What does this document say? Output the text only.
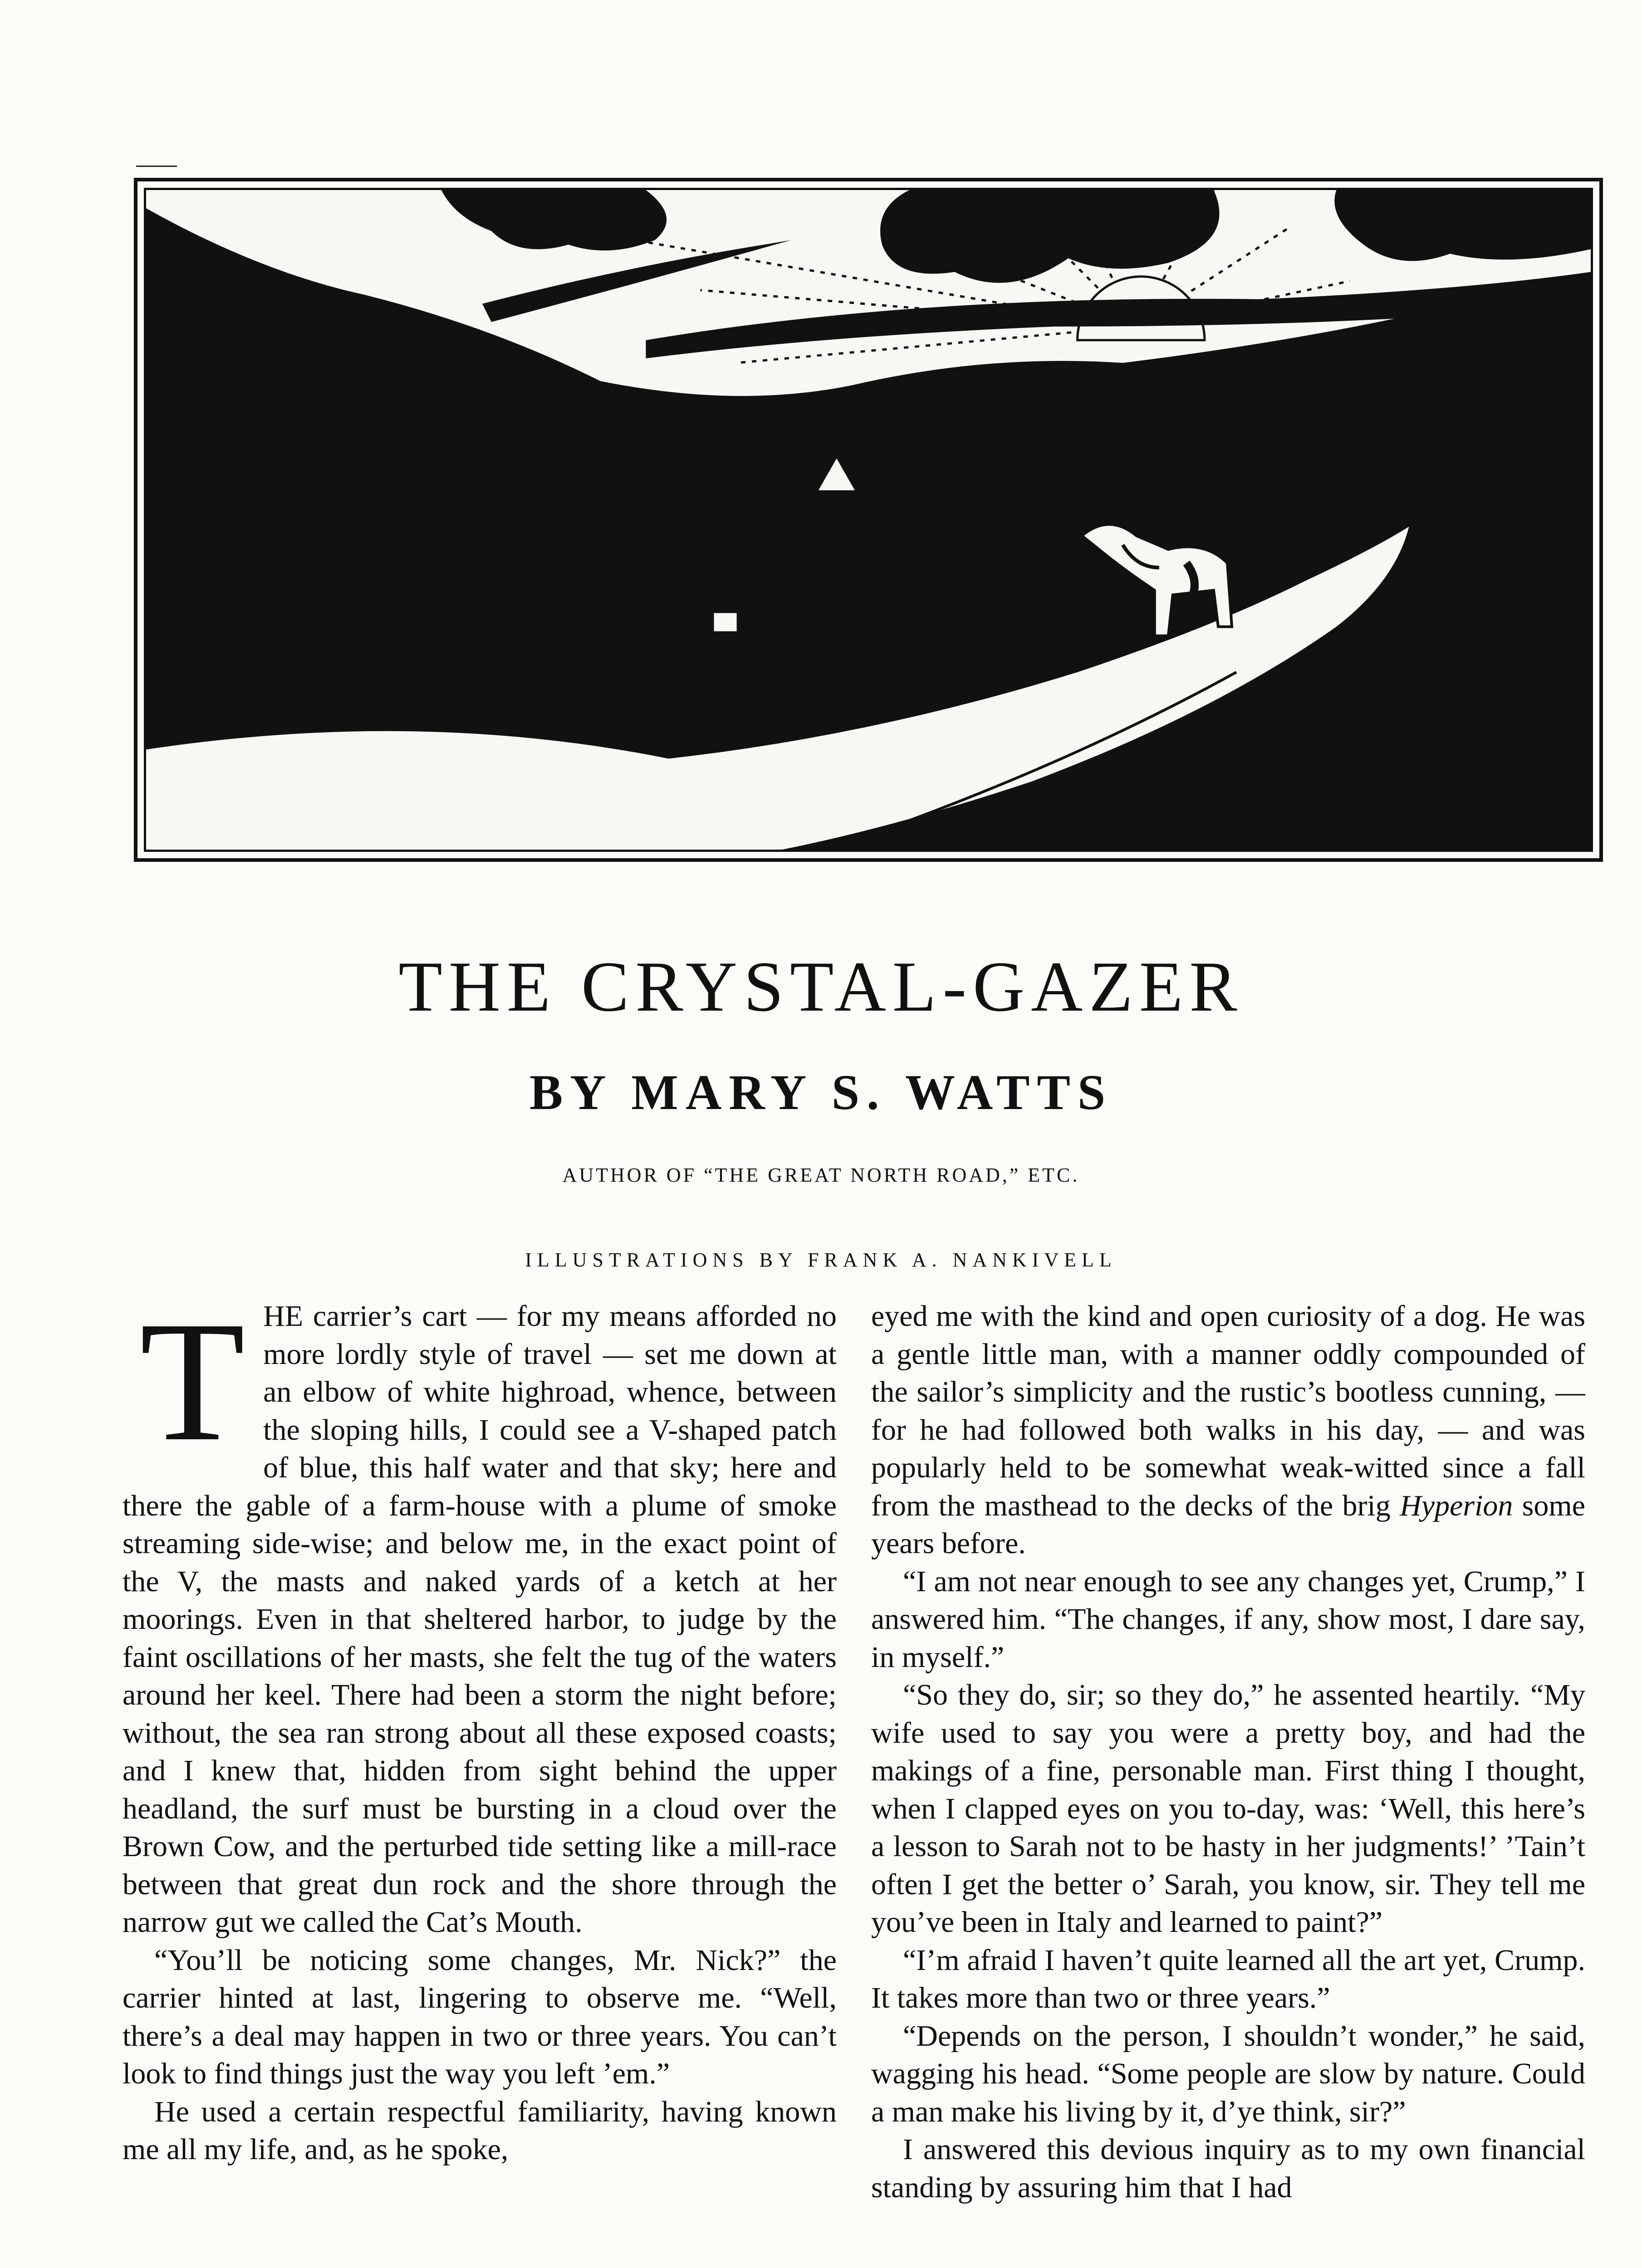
FRANK·A·NANKIVELL
THE CRYSTAL-GAZER
BY MARY S. WATTS
AUTHOR OF “THE GREAT NORTH ROAD,” ETC.
ILLUSTRATIONS BY FRANK A. NANKIVELL

THE carrier’s cart — for my means afforded no more lordly style of travel — set me down at an elbow of white highroad, whence, between the sloping hills, I could see a V-shaped patch of blue, this half water and that sky; here and there the gable of a farm-house with a plume of smoke streaming side-wise; and below me, in the exact point of the V, the masts and naked yards of a ketch at her moorings. Even in that sheltered harbor, to judge by the faint oscillations of her masts, she felt the tug of the waters around her keel. There had been a storm the night before; without, the sea ran strong about all these exposed coasts; and I knew that, hidden from sight behind the upper headland, the surf must be bursting in a cloud over the Brown Cow, and the perturbed tide setting like a mill-race between that great dun rock and the shore through the narrow gut we called the Cat’s Mouth.

“You’ll be noticing some changes, Mr. Nick?” the carrier hinted at last, lingering to observe me. “Well, there’s a deal may happen in two or three years. You can’t look to find things just the way you left ’em.”

He used a certain respectful familiarity, having known me all my life, and, as he spoke,

eyed me with the kind and open curiosity of a dog. He was a gentle little man, with a manner oddly compounded of the sailor’s simplicity and the rustic’s bootless cunning, — for he had followed both walks in his day, — and was popularly held to be somewhat weak-witted since a fall from the masthead to the decks of the brig Hyperion some years before.

“I am not near enough to see any changes yet, Crump,” I answered him. “The changes, if any, show most, I dare say, in myself.”

“So they do, sir; so they do,” he assented heartily. “My wife used to say you were a pretty boy, and had the makings of a fine, personable man. First thing I thought, when I clapped eyes on you to-day, was: ‘Well, this here’s a lesson to Sarah not to be hasty in her judgments!’ ’Tain’t often I get the better o’ Sarah, you know, sir. They tell me you’ve been in Italy and learned to paint?”

“I’m afraid I haven’t quite learned all the art yet, Crump. It takes more than two or three years.”

“Depends on the person, I shouldn’t wonder,” he said, wagging his head. “Some people are slow by nature. Could a man make his living by it, d’ye think, sir?”

I answered this devious inquiry as to my own financial standing by assuring him that I had
